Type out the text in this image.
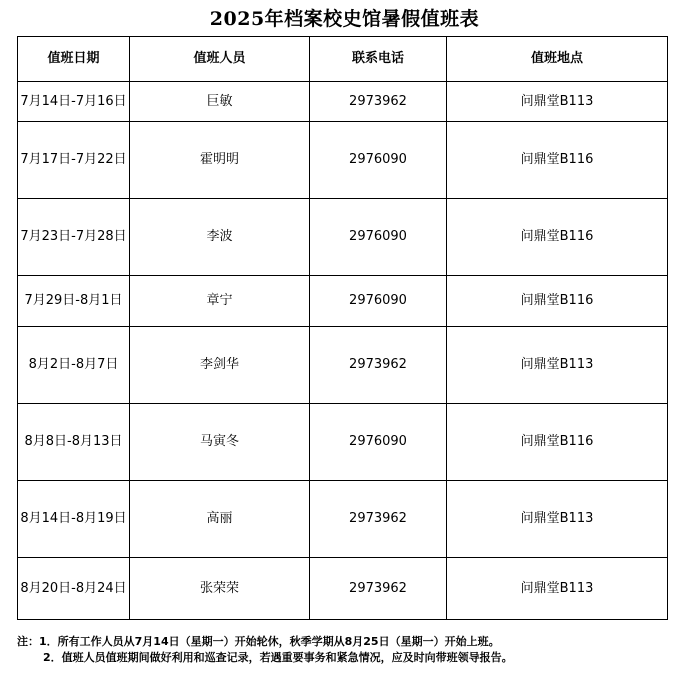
2025年档案校史馆暑假值班表
值班日期	值班人员	联系电话	值班地点
7月14日-7月16日	巨敏	2973962	问鼎堂B113
7月17日-7月22日	霍明明	2976090	问鼎堂B116
7月23日-7月28日	李波	2976090	问鼎堂B116
7月29日-8月1日	章宁	2976090	问鼎堂B116
8月2日-8月7日	李剑华	2973962	问鼎堂B113
8月8日-8月13日	马寅冬	2976090	问鼎堂B116
8月14日-8月19日	高丽	2973962	问鼎堂B113
8月20日-8月24日	张荣荣	2973962	问鼎堂B113
注：1．所有工作人员从7月14日（星期一）开始轮休，秋季学期从8月25日（星期一）开始上班。
2．值班人员值班期间做好利用和巡查记录，若遇重要事务和紧急情况，应及时向带班领导报告。
